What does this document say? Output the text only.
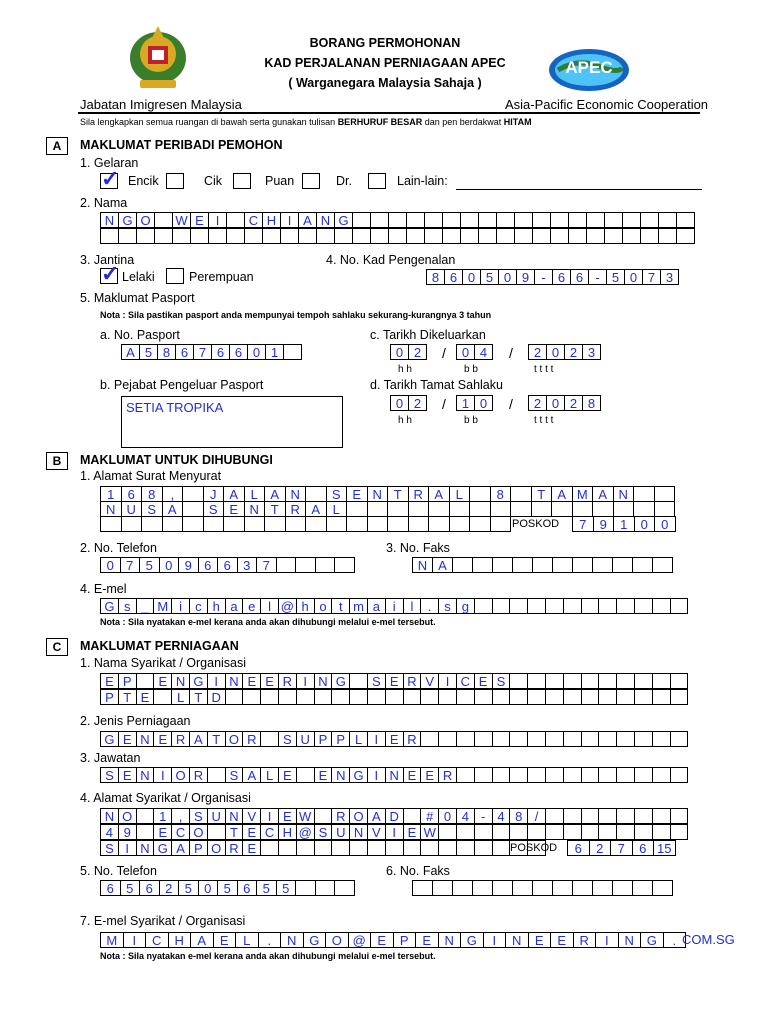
BORANG PERMOHONAN
KAD PERJALANAN PERNIAGAAN APEC
( Warganegara Malaysia Sahaja )
APEC
Jabatan Imigresen Malaysia	Asia-Pacific Economic Cooperation
Sila lengkapkan semua ruangan di bawah serta gunakan tulisan BERHURUF BESAR dan pen berdakwat HITAM
A	MAKLUMAT PERIBADI PEMOHON
1. Gelaran
✓ Encik	Cik	Puan	Dr.	Lain-lain:
2. Nama
N G O	W E I	C H I A N G
3. Jantina
✓ Lelaki	Perempuan
4. No. Kad Pengenalan
8 6 0 5 0 9 - 6 6 - 5 0 7 3
5. Maklumat Pasport
Nota : Sila pastikan pasport anda mempunyai tempoh sahlaku sekurang-kurangnya 3 tahun
a. No. Pasport
A 5 8 6 7 6 6 0 1
c. Tarikh Dikeluarkan
0 2	/	0 4	/	2 0 2 3
h h	b b	t t t t
b. Pejabat Pengeluar Pasport
SETIA TROPIKA
d. Tarikh Tamat Sahlaku
0 2	/	1 0	/	2 0 2 8
h h	b b	t t t t
B	MAKLUMAT UNTUK DIHUBUNGI
1. Alamat Surat Menyurat
1	6	8	,	J A L A N	S E N T R A L	8	T A M A N
N U S A	S E N T R A L
POSKOD	7	9	1	0	0
2. No. Telefon
0 7 5 0 9 6 6 3 7
3. No. Faks
N A
4. E-mel
G s _ M i	c h a e l @ h o t m a i	l	. s g
Nota : Sila nyatakan e-mel kerana anda akan dihubungi melalui e-mel tersebut.
C	MAKLUMAT PERNIAGAAN
1. Nama Syarikat / Organisasi
E P	E N G I N E E R I N G	S E R V I C E S
P T E	L T D
2. Jenis Perniagaan
G E N E R A T O R	S U P P L I E R
3. Jawatan
S E N I O R	S A L E	E N G I N E E R
4. Alamat Syarikat / Organisasi
N O	1 , S U N V I E W	R O A D	# 0 4 - 4 8 /
4 9	E C O	T E C H @ S U N V I E W
S I N G A P O R E	POSKOD	6	2	7	6 15
5. No. Telefon
6 5 6 2 5 0 5 6 5 5
6. No. Faks
7. E-mel Syarikat / Organisasi
M	I	C	H	A	E	L	.	N G O @ E	P	E	N G	I	N	E	E	R	I	N G	. COM.SG
Nota : Sila nyatakan e-mel kerana anda akan dihubungi melalui e-mel tersebut.
